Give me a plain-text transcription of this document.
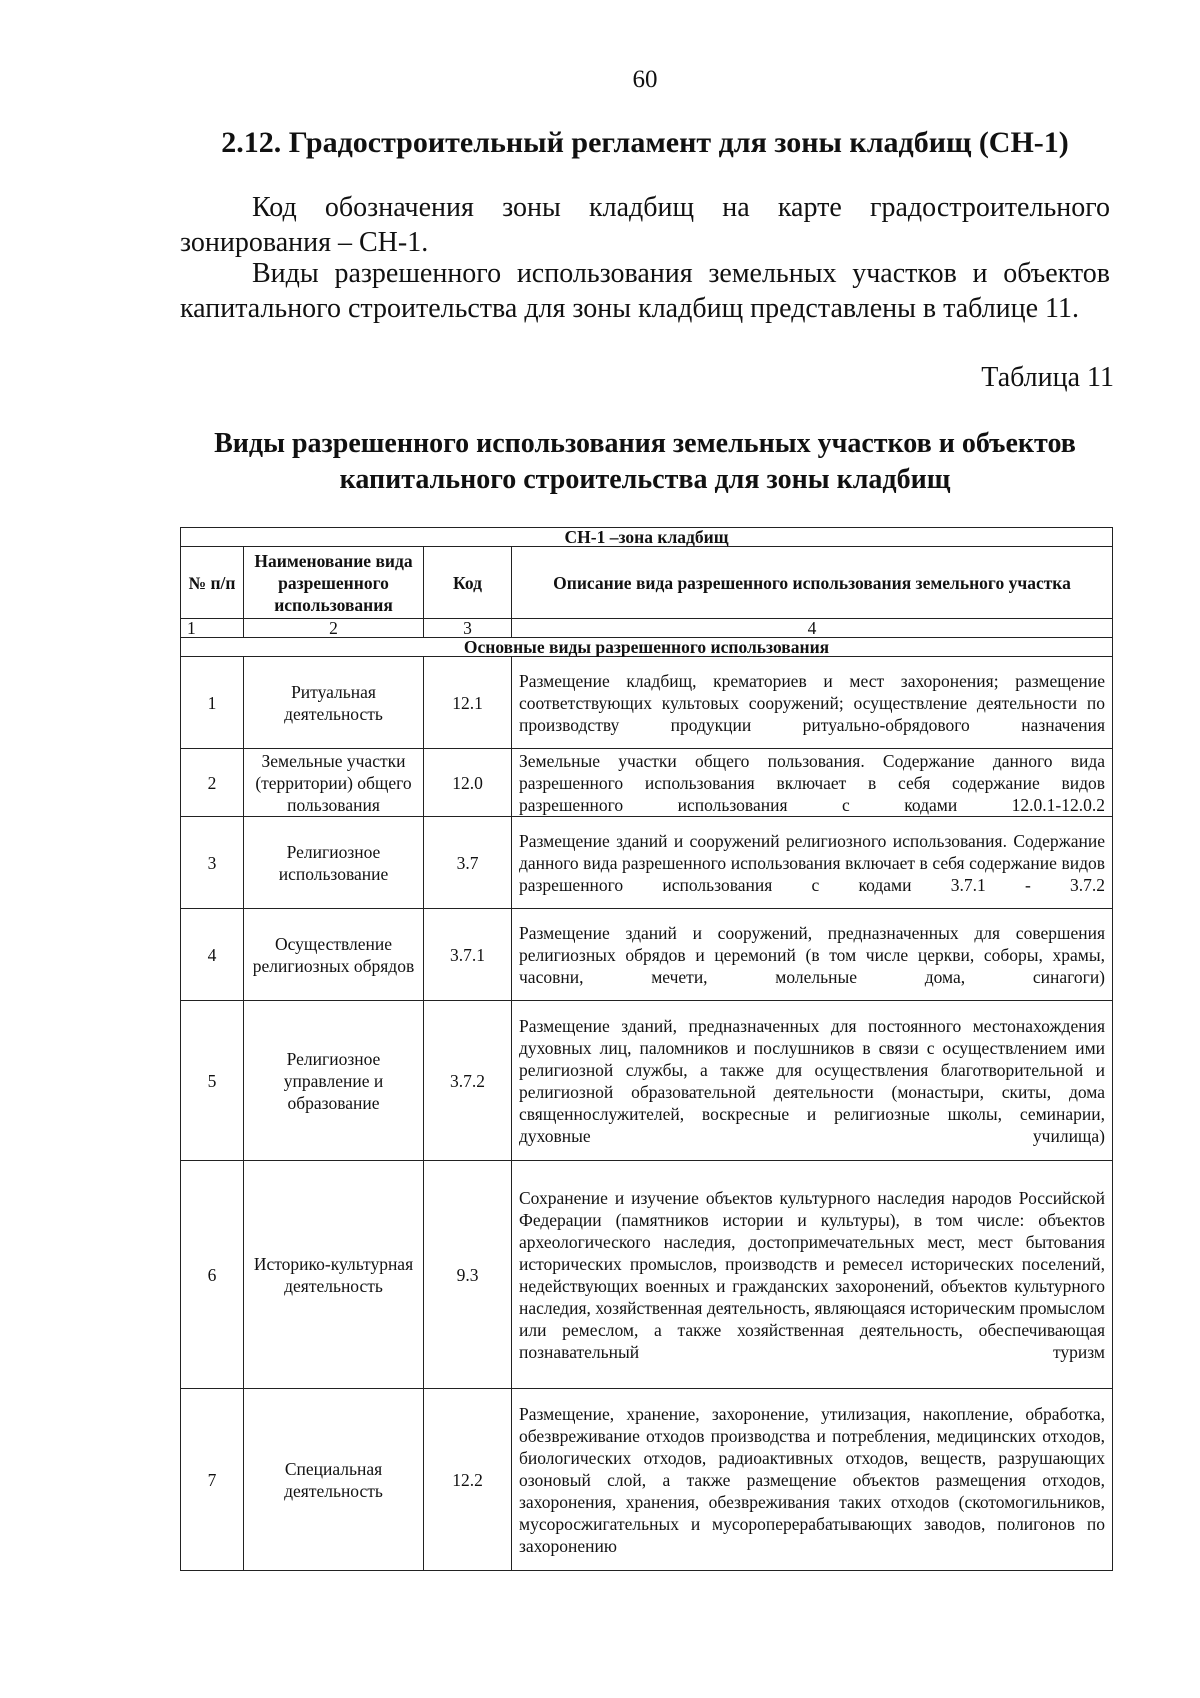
60
2.12. Градостроительный регламент для зоны кладбищ (СН-1)
Код обозначения зоны кладбищ на карте градостроительного зонирования – СН-1.
Виды разрешенного использования земельных участков и объектов капитального строительства для зоны кладбищ представлены в таблице 11.
Таблица 11
Виды разрешенного использования земельных участков и объектов капитального строительства для зоны кладбищ
СН-1 –зона кладбищ			
№ п/п	Наименование вида разрешенного использования	Код	Описание вида разрешенного использования земельного участка
1	2	3	4
Основные виды разрешенного использования			
1	Ритуальная деятельность	12.1	Размещение кладбищ, крематориев и мест захоронения; размещение соответствующих культовых сооружений; осуществление деятельности по производству продукции ритуально-обрядового назначения
2	Земельные участки (территории) общего пользования	12.0	Земельные участки общего пользования. Содержание данного вида разрешенного использования включает в себя содержание видов разрешенного использования с кодами 12.0.1-12.0.2
3	Религиозное использование	3.7	Размещение зданий и сооружений религиозного использования. Содержание данного вида разрешенного использования включает в себя содержание видов разрешенного использования с кодами 3.7.1 - 3.7.2
4	Осуществление религиозных обрядов	3.7.1	Размещение зданий и сооружений, предназначенных для совершения религиозных обрядов и церемоний (в том числе церкви, соборы, храмы, часовни, мечети, молельные дома, синагоги)
5	Религиозное управление и образование	3.7.2	Размещение зданий, предназначенных для постоянного местонахождения духовных лиц, паломников и послушников в связи с осуществлением ими религиозной службы, а также для осуществления благотворительной и религиозной образовательной деятельности (монастыри, скиты, дома священнослужителей, воскресные и религиозные школы, семинарии, духовные училища)
6	Историко-культурная деятельность	9.3	Сохранение и изучение объектов культурного наследия народов Российской Федерации (памятников истории и культуры), в том числе: объектов археологического наследия, достопримечательных мест, мест бытования исторических промыслов, производств и ремесел исторических поселений, недействующих военных и гражданских захоронений, объектов культурного наследия, хозяйственная деятельность, являющаяся историческим промыслом или ремеслом, а также хозяйственная деятельность, обеспечивающая познавательный туризм
7	Специальная деятельность	12.2	Размещение, хранение, захоронение, утилизация, накопление, обработка, обезвреживание отходов производства и потребления, медицинских отходов, биологических отходов, радиоактивных отходов, веществ, разрушающих озоновый слой, а также размещение объектов размещения отходов, захоронения, хранения, обезвреживания таких отходов (скотомогильников, мусоросжигательных и мусороперерабатывающих заводов, полигонов по захоронению
